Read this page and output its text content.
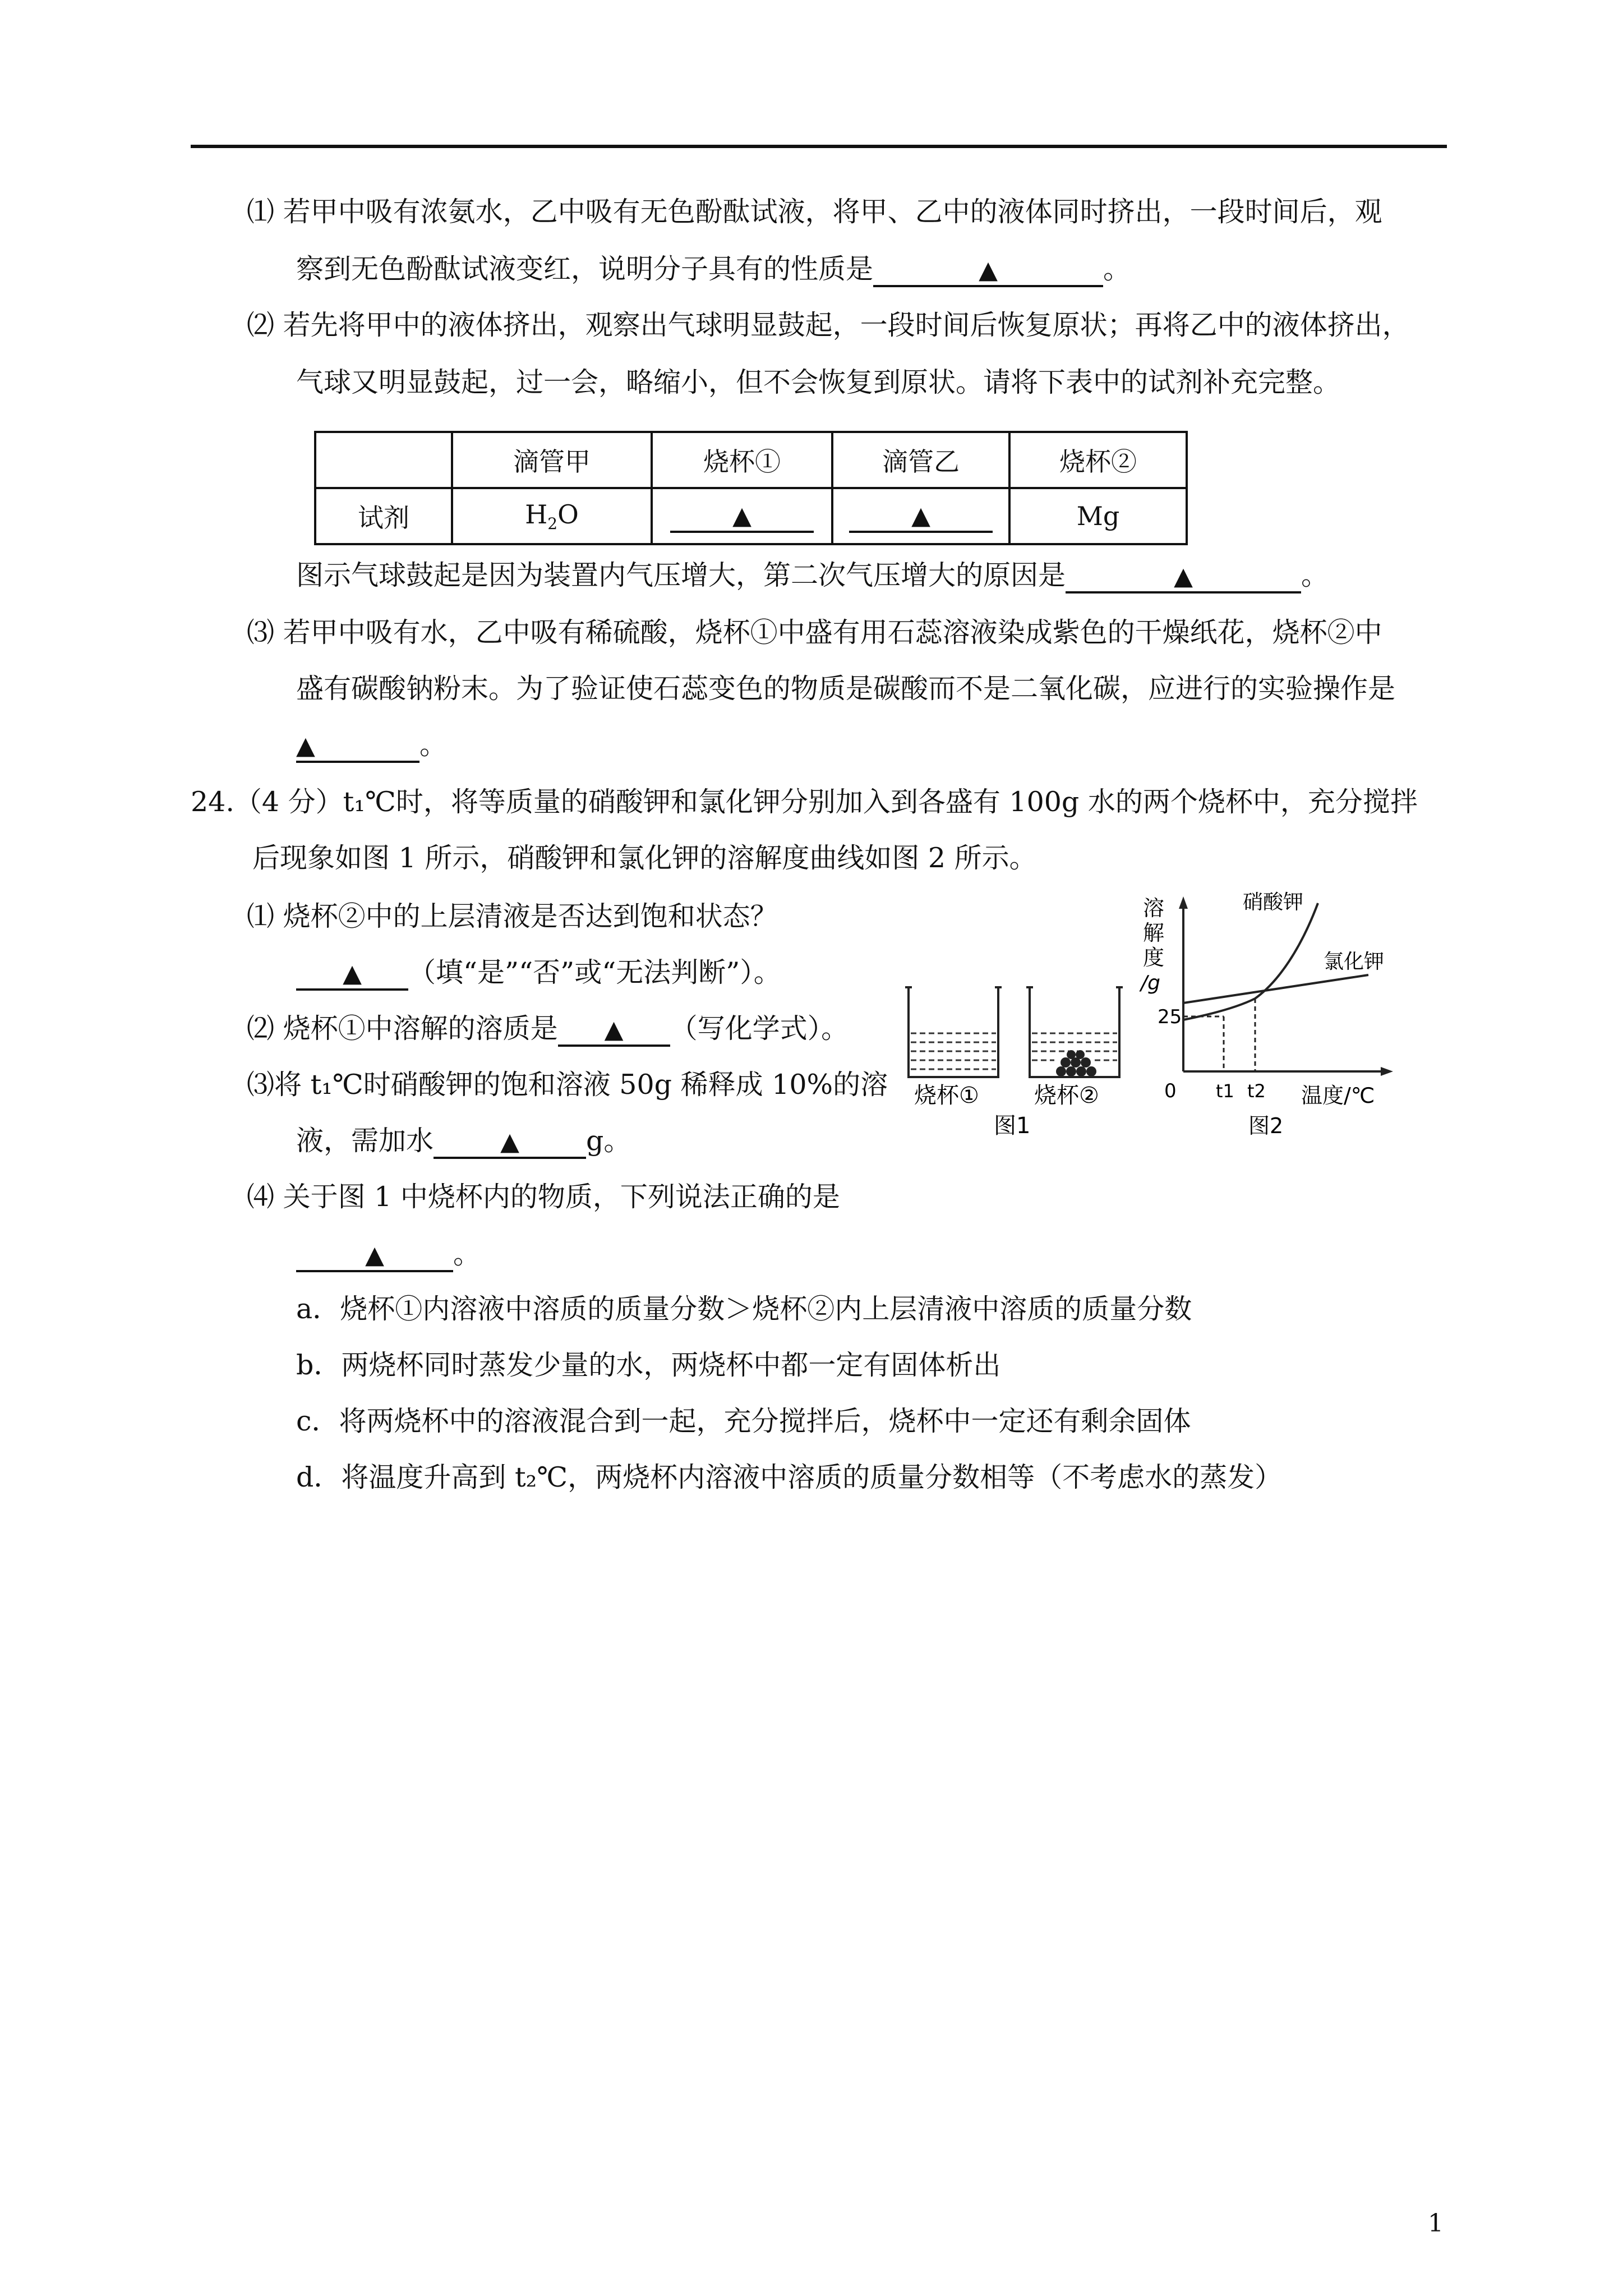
⑴ 若甲中吸有浓氨水，乙中吸有无色酚酞试液，将甲、乙中的液体同时挤出，一段时间后，观
察到无色酚酞试液变红，说明分子具有的性质是	▲	。
⑵ 若先将甲中的液体挤出，观察出气球明显鼓起，一段时间后恢复原状；再将乙中的液体挤出，
气球又明显鼓起，过一会，略缩小，但不会恢复到原状。请将下表中的试剂补充完整。
	滴管甲	烧杯①	滴管乙	烧杯②
试剂	$H_2O$	▲	▲	Mg
图示气球鼓起是因为装置内气压增大，第二次气压增大的原因是	▲	。
⑶ 若甲中吸有水，乙中吸有稀硫酸，烧杯①中盛有用石蕊溶液染成紫色的干燥纸花，烧杯②中
盛有碳酸钠粉末。为了验证使石蕊变色的物质是碳酸而不是二氧化碳，应进行的实验操作是
▲	。
24.（4 分）t₁℃时，将等质量的硝酸钾和氯化钾分别加入到各盛有 100g 水的两个烧杯中，充分搅拌
后现象如图 1 所示，硝酸钾和氯化钾的溶解度曲线如图 2 所示。
⑴ 烧杯②中的上层清液是否达到饱和状态？
▲ （填“是”“否”或“无法判断”）。
⑵ 烧杯①中溶解的溶质是 ▲ （写化学式）。
⑶将 t₁℃时硝酸钾的饱和溶液 50g 稀释成 10%的溶
液，需加水	▲ g。
⑷ 关于图 1 中烧杯内的物质，下列说法正确的是
▲	。
a．烧杯①内溶液中溶质的质量分数＞烧杯②内上层清液中溶质的质量分数
b．两烧杯同时蒸发少量的水，两烧杯中都一定有固体析出
c．将两烧杯中的溶液混合到一起，充分搅拌后，烧杯中一定还有剩余固体
d．将温度升高到 t₂℃，两烧杯内溶液中溶质的质量分数相等（不考虑水的蒸发）
烧杯① 烧杯②
图1
溶
解
度
/g
25
0 t1 t2 温度/℃
硝酸钾
氯化钾
图2
1
